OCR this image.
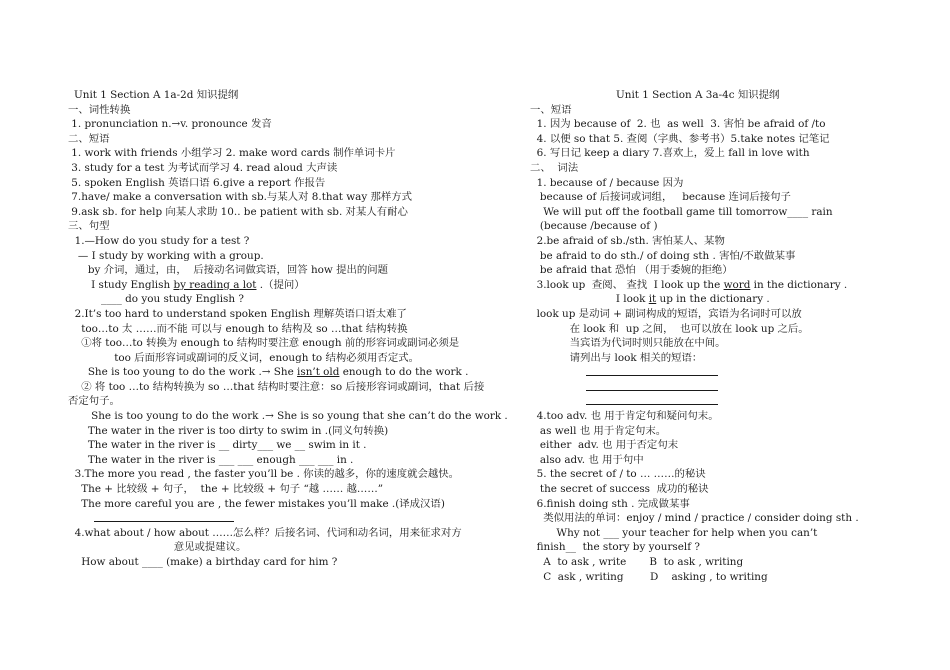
Unit 1 Section A 1a-2d 知识提纲
一、词性转换
1. pronunciation n.→v. pronounce 发音
二、短语
1. work with friends 小组学习 2. make word cards 制作单词卡片
3. study for a test 为考试而学习 4. read aloud 大声读
5. spoken English 英语口语 6.give a report 作报告
7.have/ make a conversation with sb.与某人对 8.that way 那样方式
9.ask sb. for help 向某人求助 10.. be patient with sb. 对某人有耐心
三、句型
1.—How do you study for a test ?
— I study by working with a group.
by 介词，通过，由，  后接动名词做宾语，回答 how 提出的问题
I study English by reading a lot .（提问）
____ do you study English ?
2.It’s too hard to understand spoken English 理解英语口语太难了
too…to 太 ……而不能 可以与 enough to 结构及 so …that 结构转换
①将 too…to 转换为 enough to 结构时要注意 enough 前的形容词或副词必须是
too 后面形容词或副词的反义词，enough to 结构必须用否定式。
She is too young to do the work .→ She isn’t old enough to do the work .
② 将 too …to 结构转换为 so …that 结构时要注意：so 后接形容词或副词，that 后接
否定句子。
She is too young to do the work .→ She is so young that she can’t do the work .
The water in the river is too dirty to swim in .(同义句转换)
The water in the river is __ dirty___ we __ swim in it .
The water in the river is ___ ___ enough ___ ___ in .
3.The more you read , the faster you’ll be . 你读的越多，你的速度就会越快。
The + 比较级 + 句子，  the + 比较级 + 句子 “越 …… 越……”
The more careful you are , the fewer mistakes you’ll make .(译成汉语)
4.what about / how about ……怎么样？后接名词、代词和动名词，用来征求对方
意见或提建议。
How about ____ (make) a birthday card for him ?
Unit 1 Section A 3a-4c 知识提纲
一、短语
1. 因为 because of  2. 也  as well  3. 害怕 be afraid of /to
4. 以便 so that 5. 查阅（字典、参考书）5.take notes 记笔记
6. 写日记 keep a diary 7.喜欢上，爱上 fall in love with
二、  词法
1. because of / because 因为
because of 后接词或词组，   because 连词后接句子
We will put off the football game till tomorrow____ rain
(because /because of )
2.be afraid of sb./sth. 害怕某人、某物
be afraid to do sth./ of doing sth . 害怕/不敢做某事
be afraid that 恐怕 （用于委婉的拒绝）
3.look up  查阅、 查找  I look up the word in the dictionary .
I look it up in the dictionary .
look up 是动词 + 副词构成的短语，宾语为名词时可以放
在 look 和  up 之间，  也可以放在 look up 之后。
当宾语为代词时则只能放在中间。
请列出与 look 相关的短语：
4.too adv. 也 用于肯定句和疑问句末。
as well 也 用于肯定句末。
either  adv. 也 用于否定句末
also adv. 也 用于句中
5. the secret of / to … ……的秘诀
the secret of success  成功的秘诀
6.finish doing sth . 完成做某事
类似用法的单词：enjoy / mind / practice / consider doing sth .
Why not ___ your teacher for help when you can’t
finish__  the story by yourself ?
A  to ask , write       B  to ask , writing
C  ask , writing        D    asking , to writing
